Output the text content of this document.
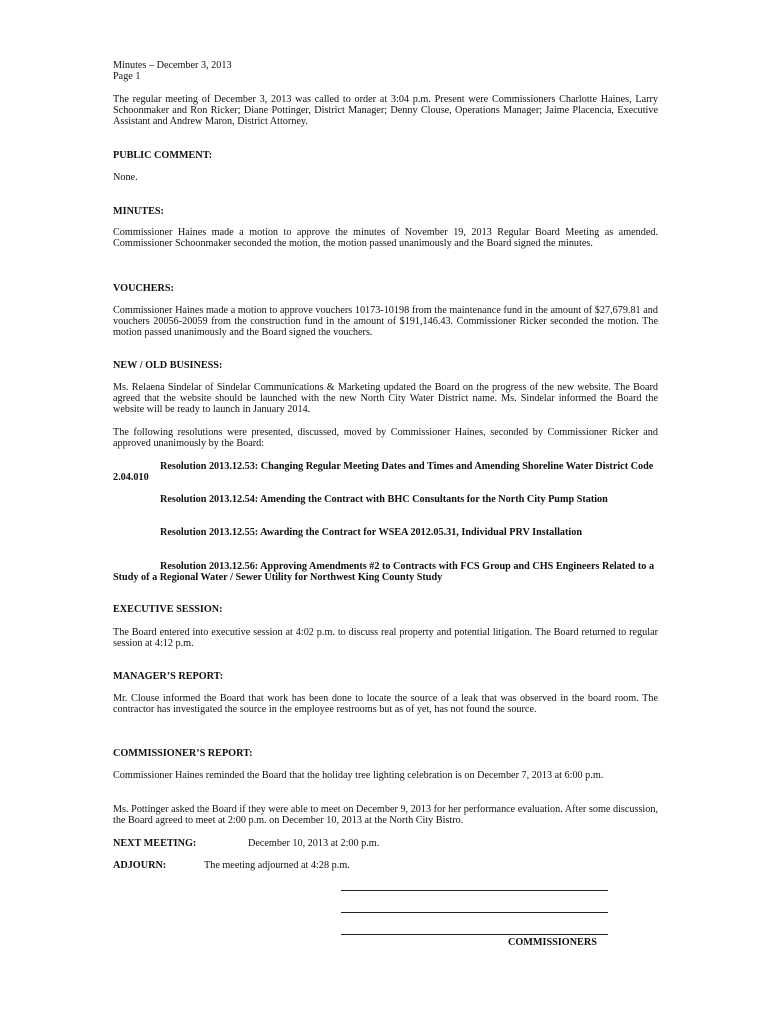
Minutes – December 3, 2013

Page 1

The regular meeting of December 3, 2013 was called to order at 3:04 p.m. Present were Commissioners Charlotte Haines, Larry Schoonmaker and Ron Ricker; Diane Pottinger, District Manager; Denny Clouse, Operations Manager; Jaime Placencia, Executive Assistant and Andrew Maron, District Attorney.

PUBLIC COMMENT:

None.

MINUTES:

Commissioner Haines made a motion to approve the minutes of November 19, 2013 Regular Board Meeting as amended. Commissioner Schoonmaker seconded the motion, the motion passed unanimously and the Board signed the minutes.

VOUCHERS:

Commissioner Haines made a motion to approve vouchers 10173-10198 from the maintenance fund in the amount of $27,679.81 and vouchers 20056-20059 from the construction fund in the amount of $191,146.43. Commissioner Ricker seconded the motion. The motion passed unanimously and the Board signed the vouchers.

NEW / OLD BUSINESS:

Ms. Relaena Sindelar of Sindelar Communications & Marketing updated the Board on the progress of the new website. The Board agreed that the website should be launched with the new North City Water District name. Ms. Sindelar informed the Board the website will be ready to launch in January 2014.

The following resolutions were presented, discussed, moved by Commissioner Haines, seconded by Commissioner Ricker and approved unanimously by the Board:

Resolution 2013.12.53: Changing Regular Meeting Dates and Times and Amending Shoreline Water District Code 2.04.010

Resolution 2013.12.54: Amending the Contract with BHC Consultants for the North City Pump Station

Resolution 2013.12.55: Awarding the Contract for WSEA 2012.05.31, Individual PRV Installation

Resolution 2013.12.56: Approving Amendments #2 to Contracts with FCS Group and CHS Engineers Related to a Study of a Regional Water / Sewer Utility for Northwest King County Study

EXECUTIVE SESSION:

The Board entered into executive session at 4:02 p.m. to discuss real property and potential litigation. The Board returned to regular session at 4:12 p.m.

MANAGER’S REPORT:

Mr. Clouse informed the Board that work has been done to locate the source of a leak that was observed in the board room. The contractor has investigated the source in the employee restrooms but as of yet, has not found the source.

COMMISSIONER’S REPORT:

Commissioner Haines reminded the Board that the holiday tree lighting celebration is on December 7, 2013 at 6:00 p.m.

Ms. Pottinger asked the Board if they were able to meet on December 9, 2013 for her performance evaluation. After some discussion, the Board agreed to meet at 2:00 p.m. on December 10, 2013 at the North City Bistro.

NEXT MEETING:	December 10, 2013 at 2:00 p.m.
ADJOURN:	The meeting adjourned at 4:28 p.m.
COMMISSIONERS
